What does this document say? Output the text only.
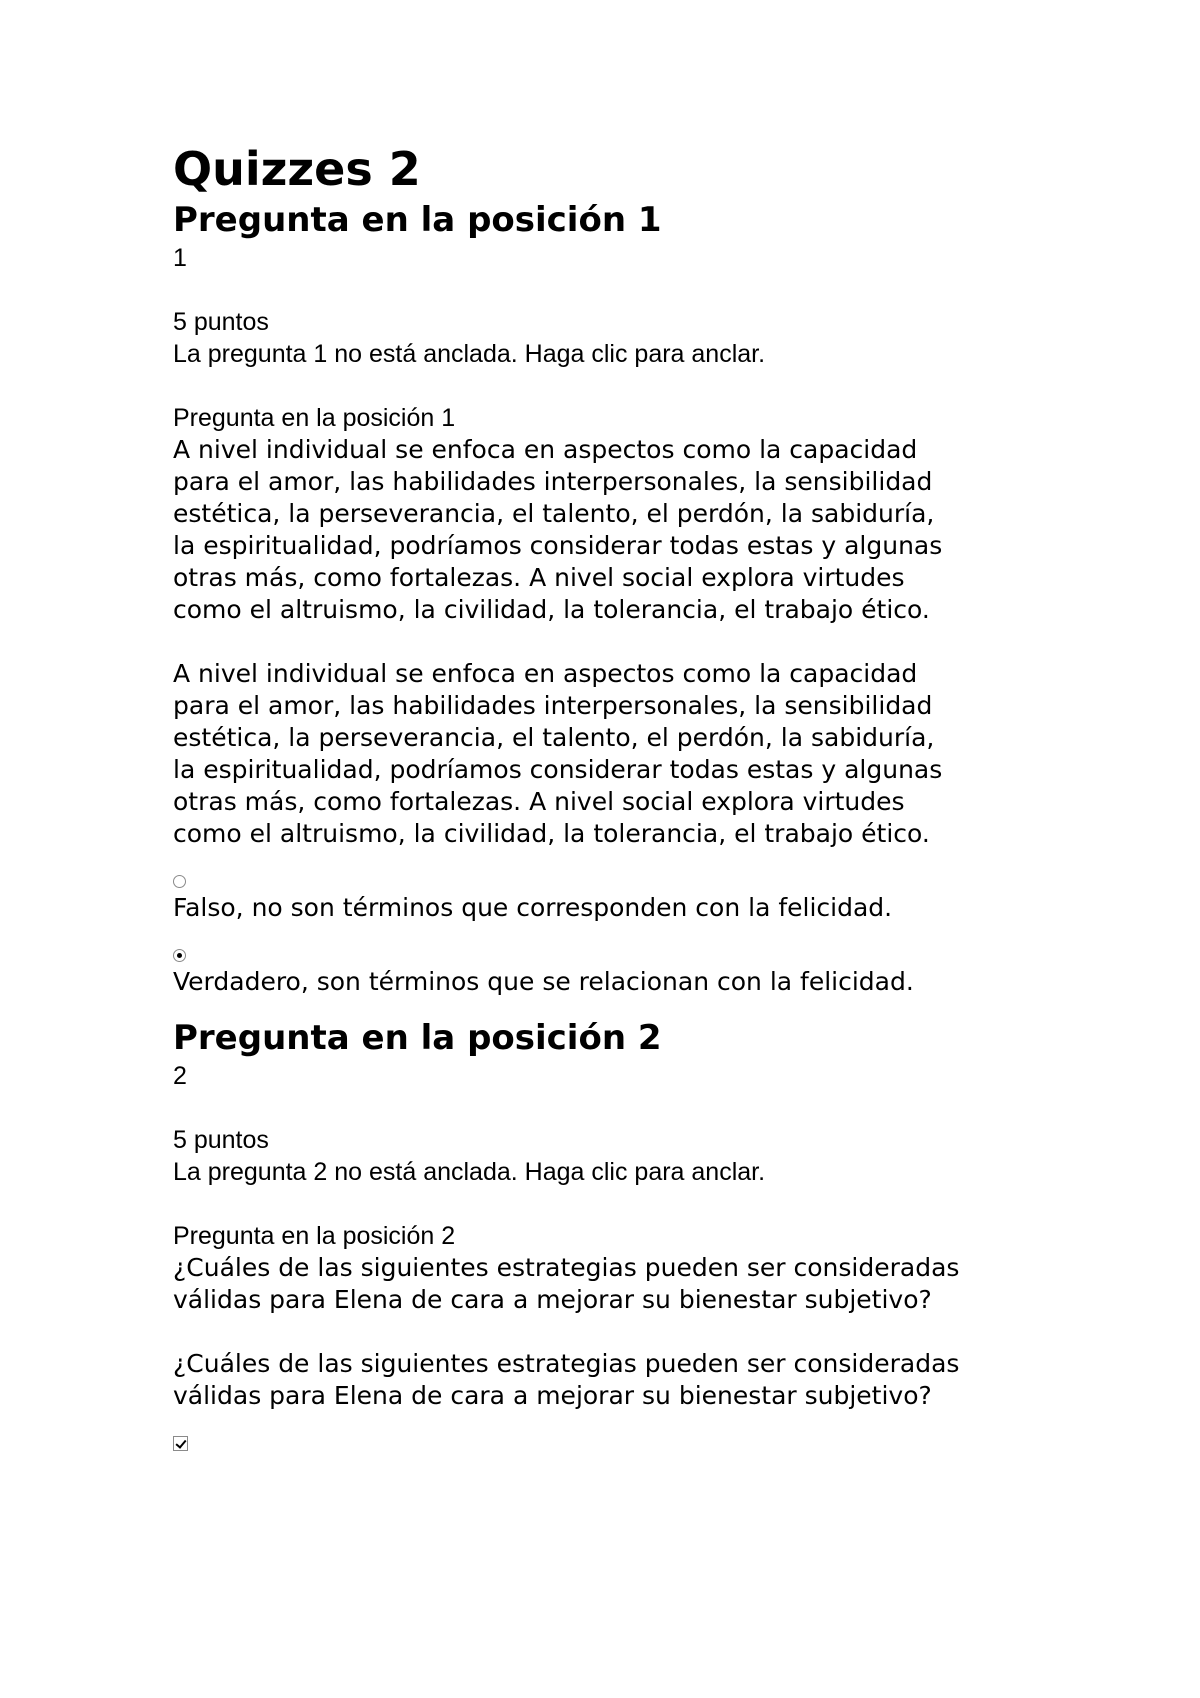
Quizzes 2
Pregunta en la posición 1

1

5 puntos

La pregunta 1 no está anclada. Haga clic para anclar.

Pregunta en la posición 1

A nivel individual se enfoca en aspectos como la capacidad

para el amor, las habilidades interpersonales, la sensibilidad

estética, la perseverancia, el talento, el perdón, la sabiduría,

la espiritualidad, podríamos considerar todas estas y algunas

otras más, como fortalezas. A nivel social explora virtudes

como el altruismo, la civilidad, la tolerancia, el trabajo ético.

A nivel individual se enfoca en aspectos como la capacidad

para el amor, las habilidades interpersonales, la sensibilidad

estética, la perseverancia, el talento, el perdón, la sabiduría,

la espiritualidad, podríamos considerar todas estas y algunas

otras más, como fortalezas. A nivel social explora virtudes

como el altruismo, la civilidad, la tolerancia, el trabajo ético.

Falso, no son términos que corresponden con la felicidad.

Verdadero, son términos que se relacionan con la felicidad.

Pregunta en la posición 2

2

5 puntos

La pregunta 2 no está anclada. Haga clic para anclar.

Pregunta en la posición 2

¿Cuáles de las siguientes estrategias pueden ser consideradas

válidas para Elena de cara a mejorar su bienestar subjetivo?

¿Cuáles de las siguientes estrategias pueden ser consideradas

válidas para Elena de cara a mejorar su bienestar subjetivo?
